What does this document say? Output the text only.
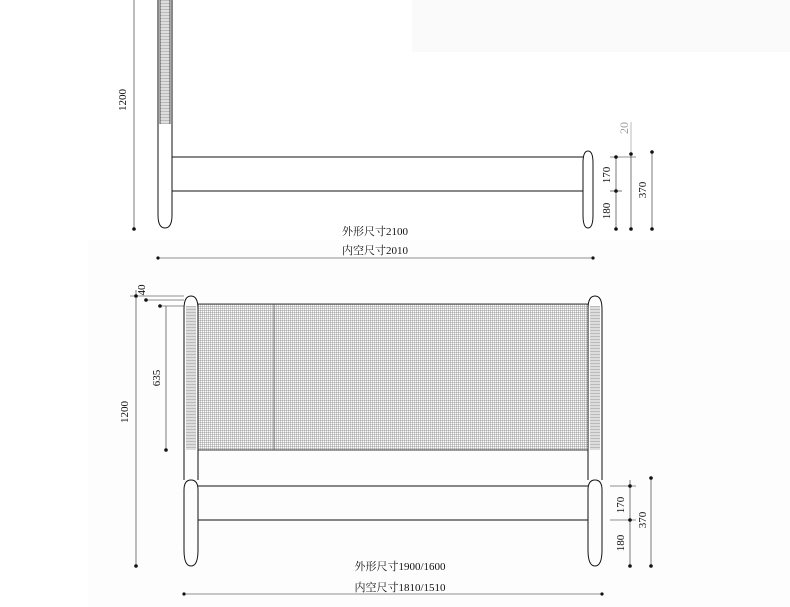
1200
20
170
180
370
外形尺寸2100
内空尺寸2010
40
635
1200
170
180
370
外形尺寸1900/1600
内空尺寸1810/1510
